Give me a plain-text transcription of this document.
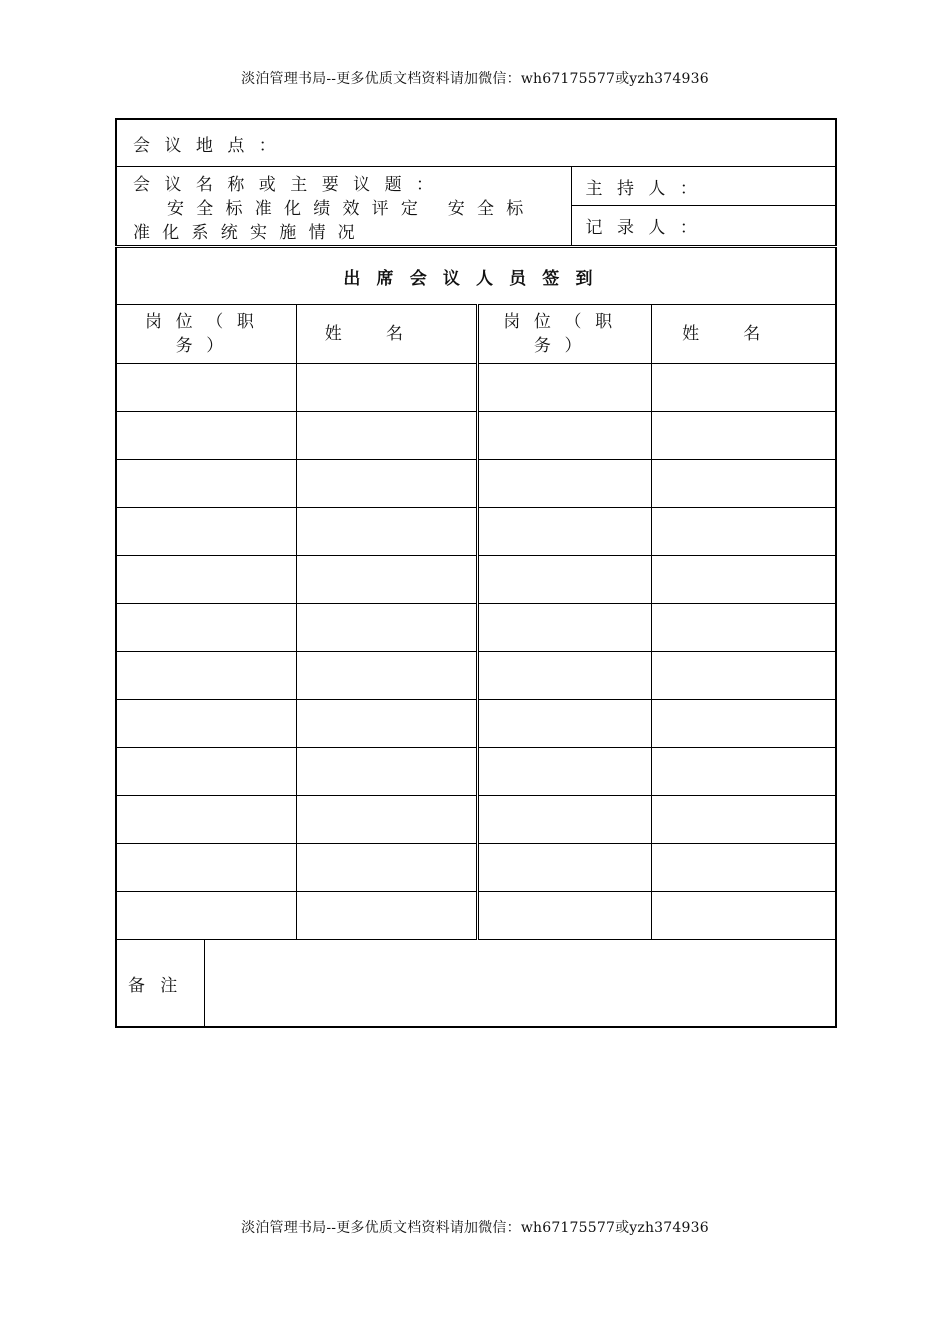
淡泊管理书局--更多优质文档资料请加微信：wh67175577或yzh374936
会议地点：					
会议名称或主要议题：
安全标准化绩效评定 安全标准化系统实施情况				主持人：	
				记录人：	
出席会议人员签到					
岗位（职务）		姓名	岗位（职务）		姓名

备注					
淡泊管理书局--更多优质文档资料请加微信：wh67175577或yzh374936
